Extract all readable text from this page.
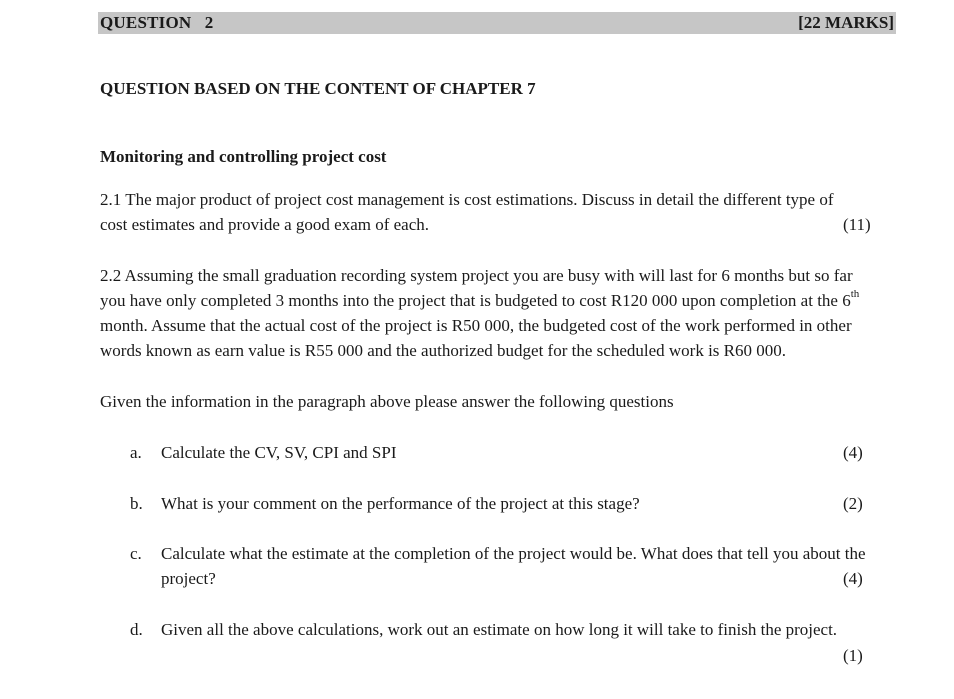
QUESTION   2	[22 MARKS]
QUESTION BASED ON THE CONTENT OF CHAPTER 7
Monitoring and controlling project cost
2.1 The major product of project cost management is cost estimations. Discuss in detail the different type of
cost estimates and provide a good exam of each.	(11)
2.2 Assuming the small graduation recording system project you are busy with will last for 6 months but so far
you have only completed 3 months into the project that is budgeted to cost R120 000 upon completion at the 6th
month. Assume that the actual cost of the project is R50 000, the budgeted cost of the work performed in other
words known as earn value is R55 000 and the authorized budget for the scheduled work is R60 000.
Given the information in the paragraph above please answer the following questions
a. Calculate the CV, SV, CPI and SPI	(4)
b. What is your comment on the performance of the project at this stage?	(2)
c. Calculate what the estimate at the completion of the project would be. What does that tell you about the
project?	(4)
d. Given all the above calculations, work out an estimate on how long it will take to finish the project.
(1)
